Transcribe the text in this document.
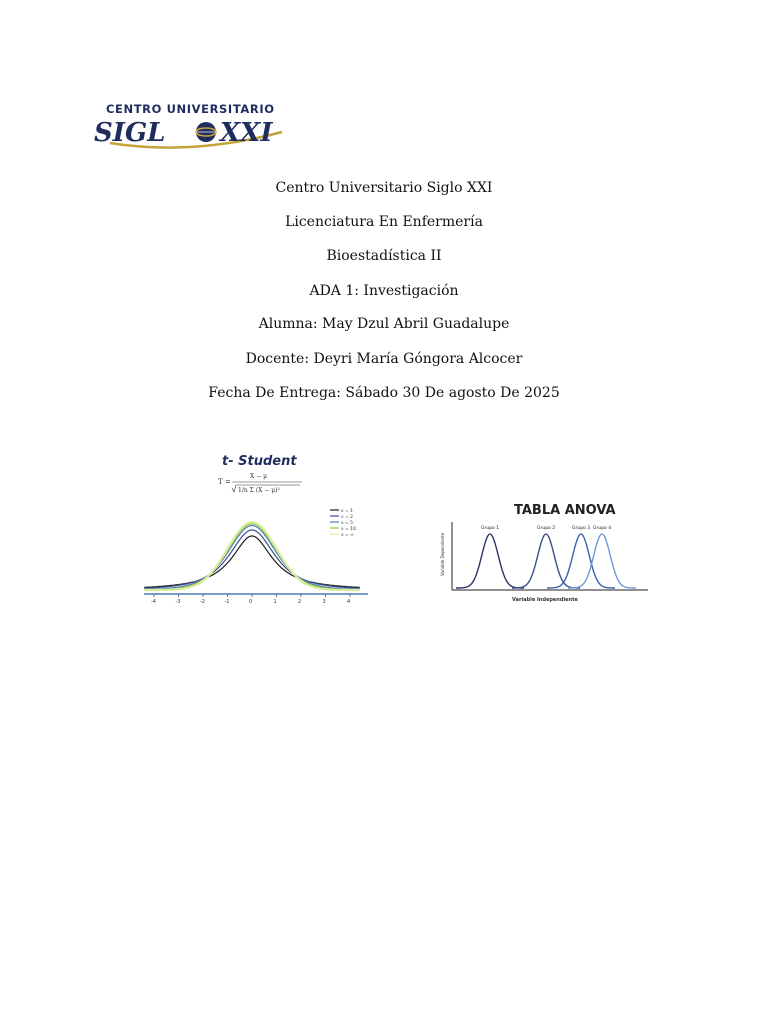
CENTRO UNIVERSITARIO
SIGL XXI
Centro Universitario Siglo XXI
Licenciatura En Enfermería
Bioestadística II
ADA 1: Investigación
Alumna: May Dzul Abril Guadalupe
Docente: Deyri María Góngora Alcocer
Fecha De Entrega: Sábado 30 De agosto De 2025
t- Student
T =
X − μ
1/n Σ (X − μ)²
-4	-3	-2	-1	0	1	2	3	4
ν = 1
ν = 2
ν = 5
ν = 10
ν = ∞
TABLA ANOVA
Variable Dependiente
Variable Independiente
Grupo 1	Grupo 2	Grupo 3 Grupo 4
